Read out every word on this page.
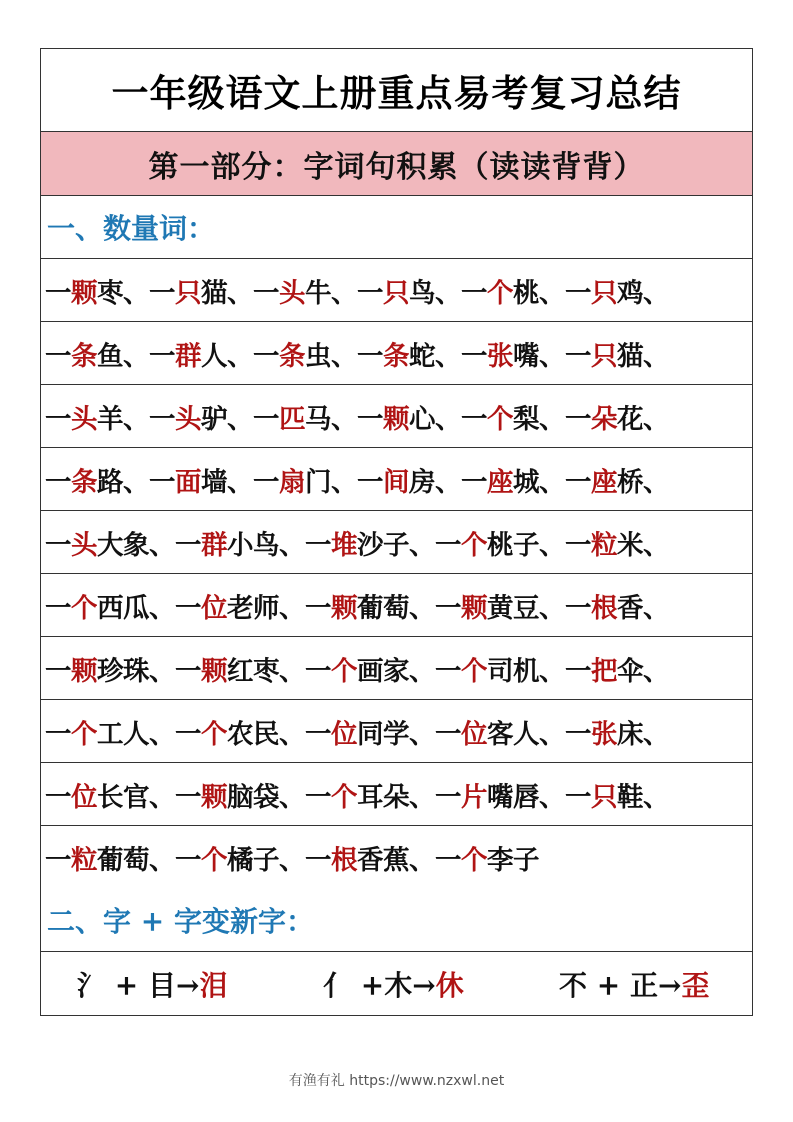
一年级语文上册重点易考复习总结
第一部分：字词句积累（读读背背）
一、数量词：
一颗枣、 一只猫、 一头牛、 一只鸟、 一个桃、 一只鸡、
一条鱼、 一群人、 一条虫、 一条蛇、 一张嘴、 一只猫、
一头羊、 一头驴、 一匹马、 一颗心、 一个梨、 一朵花、
一条路、 一面墙、 一扇门、 一间房、 一座城、 一座桥、
一头大象、 一群小鸟、 一堆沙子、 一个桃子、 一粒米、
一个西瓜、 一位老师、 一颗葡萄、 一颗黄豆、 一根香、
一颗珍珠、 一颗红枣、 一个画家、 一个司机、 一把伞、
一个工人、 一个农民、 一位同学、 一位客人、 一张床、
一位长官、 一颗脑袋、 一个耳朵、 一片嘴唇、 一只鞋、
一粒葡萄、 一个橘子、 一根香蕉、 一个李子
二、字 + 字变新字：
氵 + 目→泪	亻 +木→休	不 + 正→歪
有渔有礼 https://www.nzxwl.net
